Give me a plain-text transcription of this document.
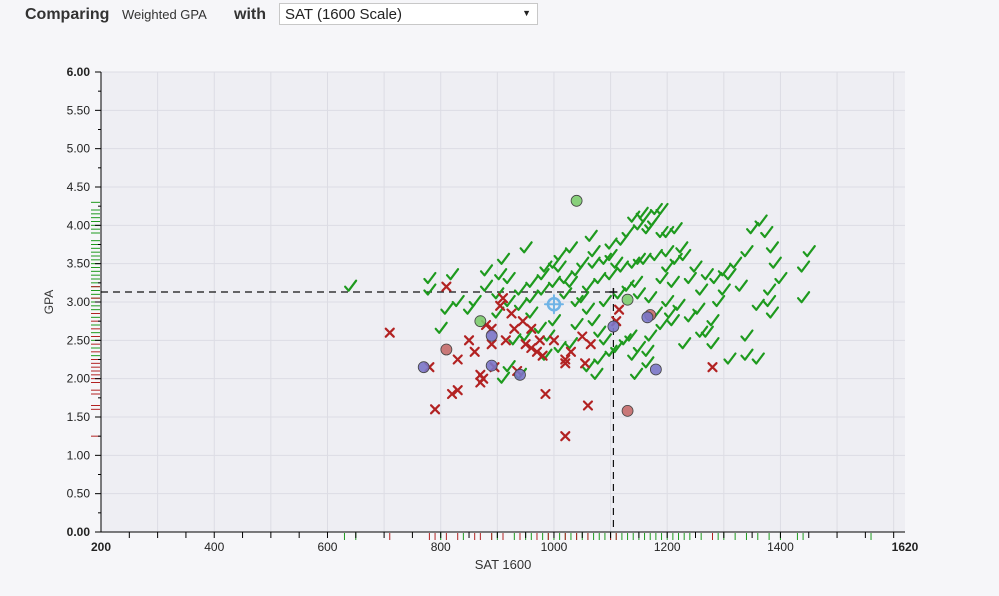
Comparing Weighted GPA with SAT (1600 Scale)	▼
0.00
0.50
1.00
1.50
2.00
2.50
3.00
3.50
4.00
4.50
5.00
5.50
6.00
200	400	600	800	1000	1200	1400	1620
SAT 1600
GPA
